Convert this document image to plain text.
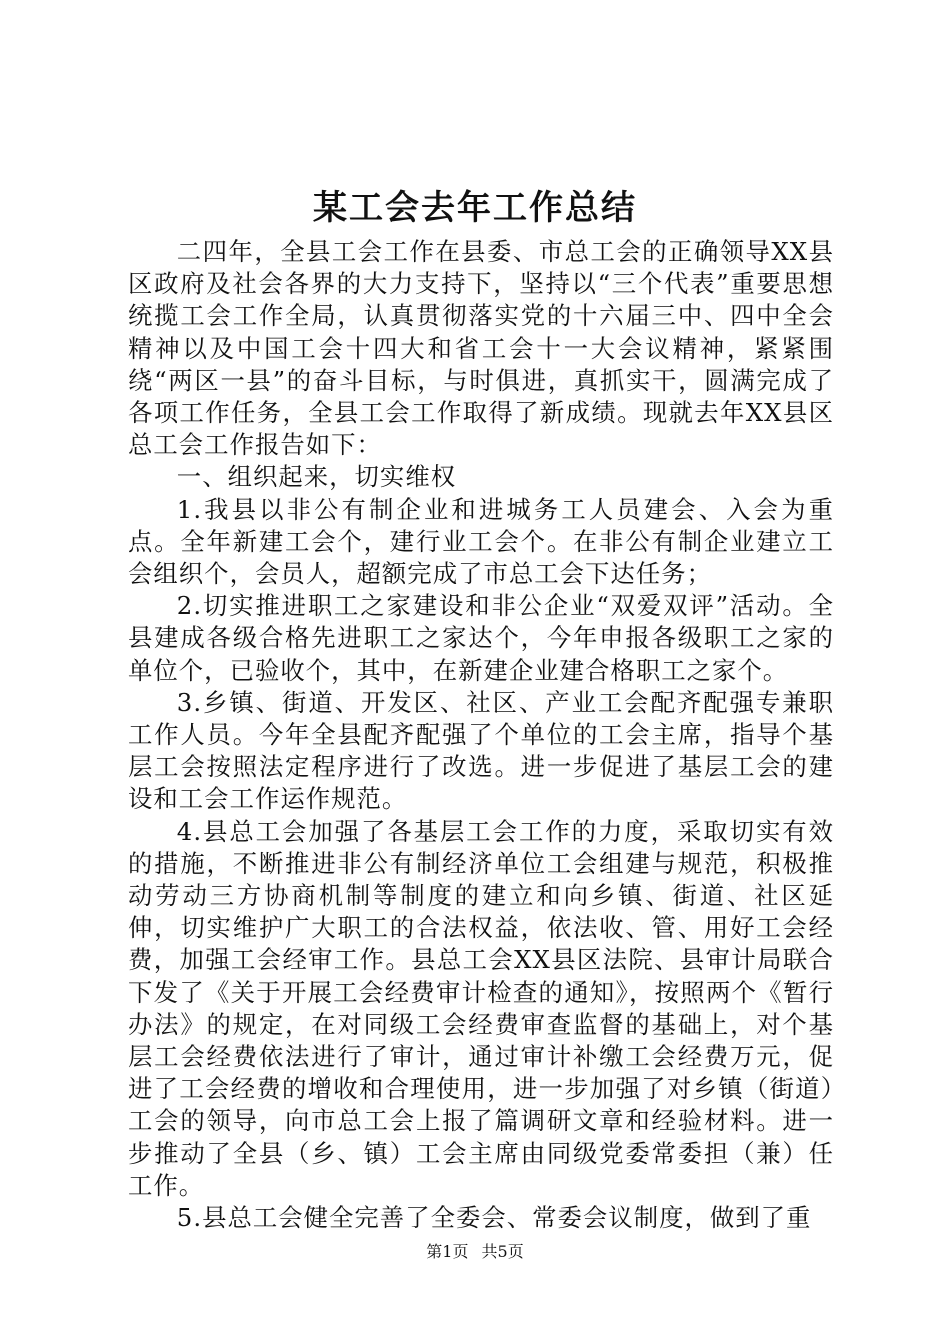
某工会去年工作总结

二四年，全县工会工作在县委、市总工会的正确领导XX县区政府及社会各界的大力支持下，坚持以“三个代表”重要思想统揽工会工作全局，认真贯彻落实党的十六届三中、四中全会精神以及中国工会十四大和省工会十一大会议精神，紧紧围绕“两区一县”的奋斗目标，与时俱进，真抓实干，圆满完成了各项工作任务，全县工会工作取得了新成绩。现就去年XX县区总工会工作报告如下：

一、组织起来，切实维权

1.我县以非公有制企业和进城务工人员建会、入会为重点。全年新建工会个，建行业工会个。在非公有制企业建立工会组织个，会员人，超额完成了市总工会下达任务；

2.切实推进职工之家建设和非公企业“双爱双评”活动。全县建成各级合格先进职工之家达个，今年申报各级职工之家的单位个，已验收个，其中，在新建企业建合格职工之家个。

3.乡镇、街道、开发区、社区、产业工会配齐配强专兼职工作人员。今年全县配齐配强了个单位的工会主席，指导个基层工会按照法定程序进行了改选。进一步促进了基层工会的建设和工会工作运作规范。

4.县总工会加强了各基层工会工作的力度，采取切实有效的措施，不断推进非公有制经济单位工会组建与规范，积极推动劳动三方协商机制等制度的建立和向乡镇、街道、社区延伸，切实维护广大职工的合法权益，依法收、管、用好工会经费，加强工会经审工作。县总工会XX县区法院、县审计局联合下发了《关于开展工会经费审计检查的通知》，按照两个《暂行办法》的规定，在对同级工会经费审查监督的基础上，对个基层工会经费依法进行了审计，通过审计补缴工会经费万元，促进了工会经费的增收和合理使用，进一步加强了对乡镇（街道）工会的领导，向市总工会上报了篇调研文章和经验材料。进一步推动了全县（乡、镇）工会主席由同级党委常委担（兼）任工作。

5.县总工会健全完善了全委会、常委会议制度，做到了重

第1页 共5页
